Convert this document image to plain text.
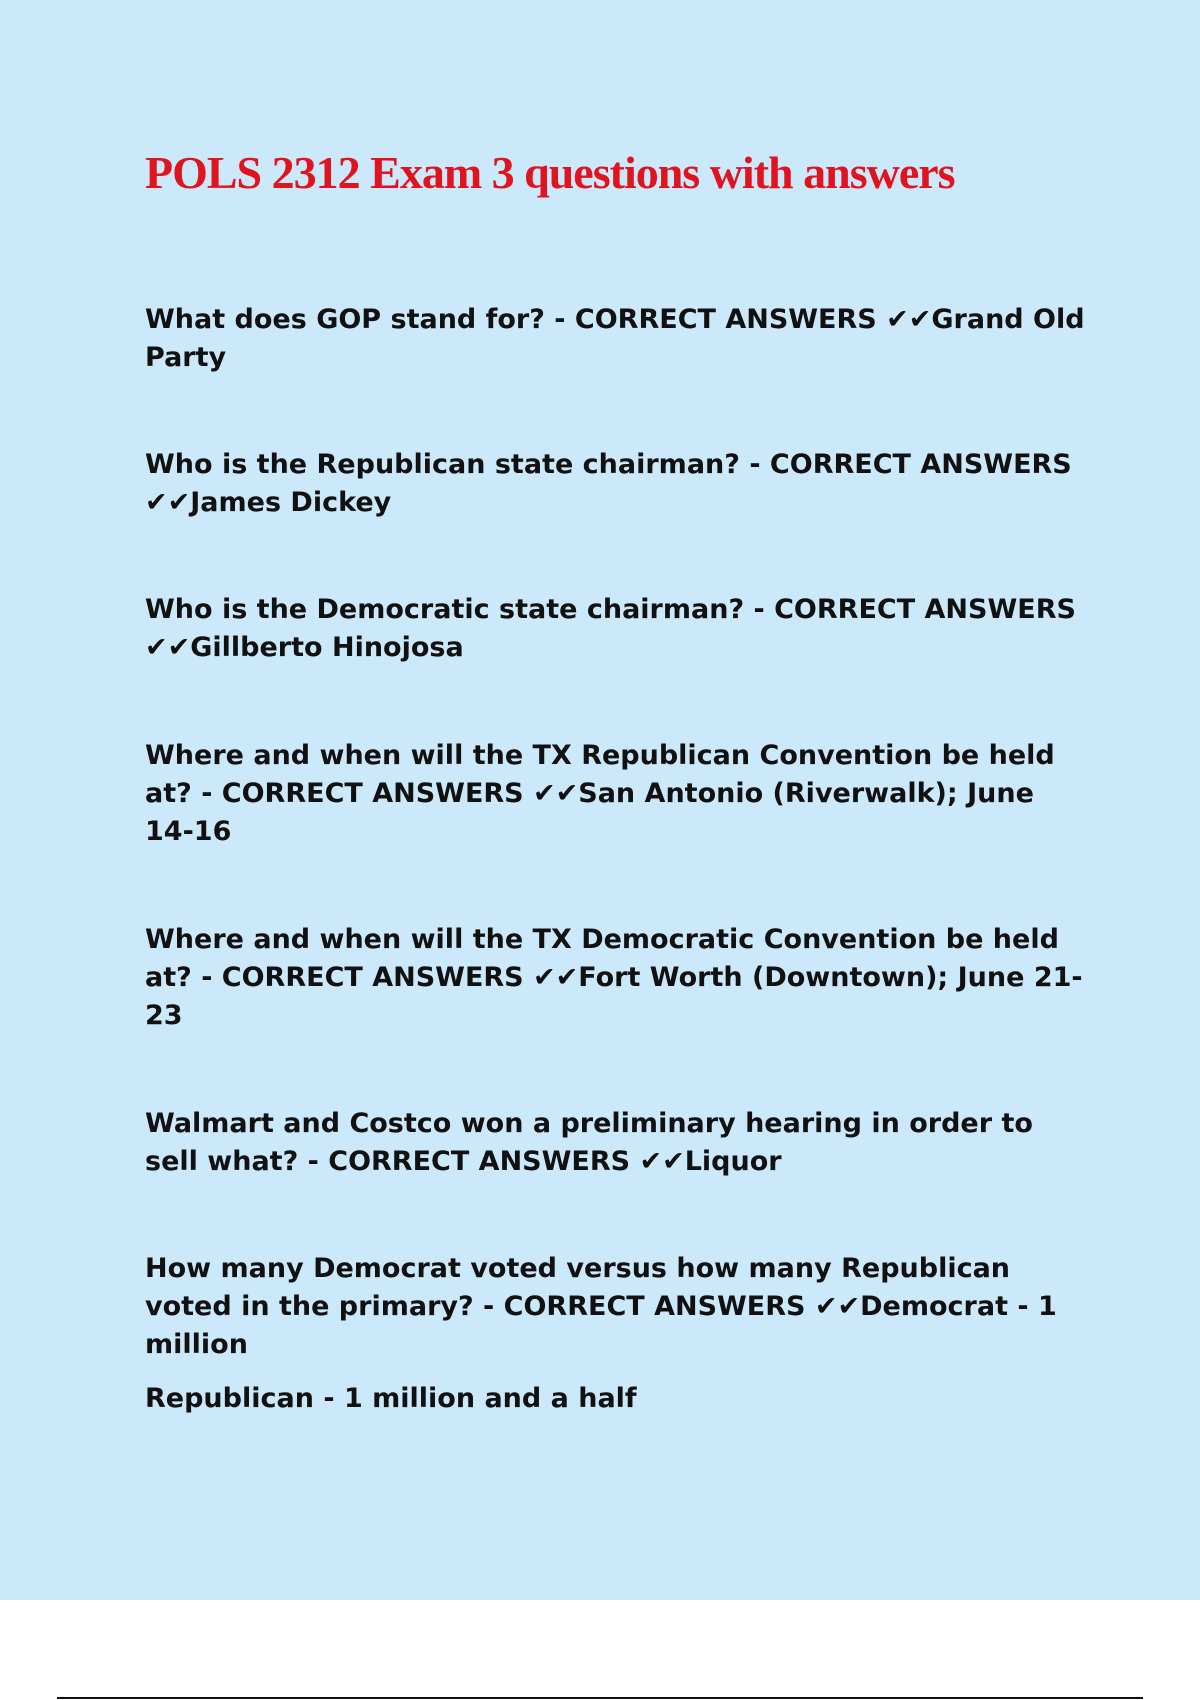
POLS 2312 Exam 3 questions with answers

What does GOP stand for? - CORRECT ANSWERS ✔✔Grand Old Party

Who is the Republican state chairman? - CORRECT ANSWERS ✔✔James Dickey

Who is the Democratic state chairman? - CORRECT ANSWERS ✔✔Gillberto Hinojosa

Where and when will the TX Republican Convention be held at? - CORRECT ANSWERS ✔✔San Antonio (Riverwalk); June 14-16

Where and when will the TX Democratic Convention be held at? - CORRECT ANSWERS ✔✔Fort Worth (Downtown); June 21-23

Walmart and Costco won a preliminary hearing in order to sell what? - CORRECT ANSWERS ✔✔Liquor

How many Democrat voted versus how many Republican voted in the primary? - CORRECT ANSWERS ✔✔Democrat - 1 million
Republican - 1 million and a half
